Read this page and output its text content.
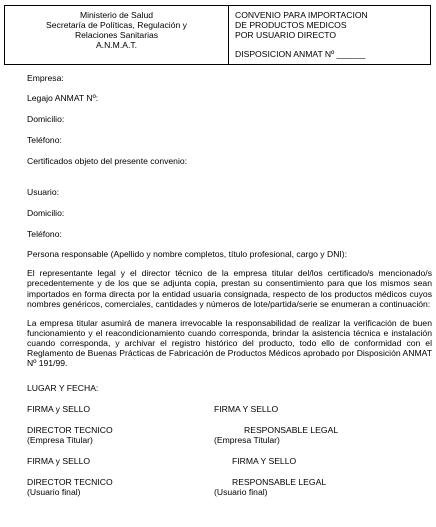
Ministerio de Salud
Secretaría de Políticas, Regulación y
Relaciones Sanitarias
A.N.M.A.T.
CONVENIO PARA IMPORTACION
DE PRODUCTOS MEDICOS
POR USUARIO DIRECTO
DISPOSICION ANMAT Nº ______

Empresa:

Legajo ANMAT Nº:

Domicilio:

Teléfono:

Certificados objeto del presente convenio:

Usuario:

Domicilio:

Teléfono:

Persona responsable (Apellido y nombre completos, título profesional, cargo y DNI):

El representante legal y el director técnico de la empresa titular del/los certificado/s mencionado/s precedentemente y de los que se adjunta copia, prestan su consentimiento para que los mismos sean importados en forma directa por la entidad usuaria consignada, respecto de los productos médicos cuyos nombres genéricos, comerciales, cantidades y números de lote/partida/serie se enumeran a continuación:

La empresa titular asumirá de manera irrevocable la responsabilidad de realizar la verificación de buen funcionamiento y el reacondicionamiento cuando corresponda, brindar la asistencia técnica e instalación cuando corresponda, y archivar el registro histórico del producto, todo ello de conformidad con el Reglamento de Buenas Prácticas de Fabricación de Productos Médicos aprobado por Disposición ANMAT Nº 191/99.

LUGAR Y FECHA:

FIRMA y SELLO	FIRMA Y SELLO
DIRECTOR TECNICO	RESPONSABLE LEGAL
(Empresa Titular)	(Empresa Titular)
FIRMA y SELLO	FIRMA Y SELLO
DIRECTOR TECNICO	RESPONSABLE LEGAL
(Usuario final)	(Usuario final)
